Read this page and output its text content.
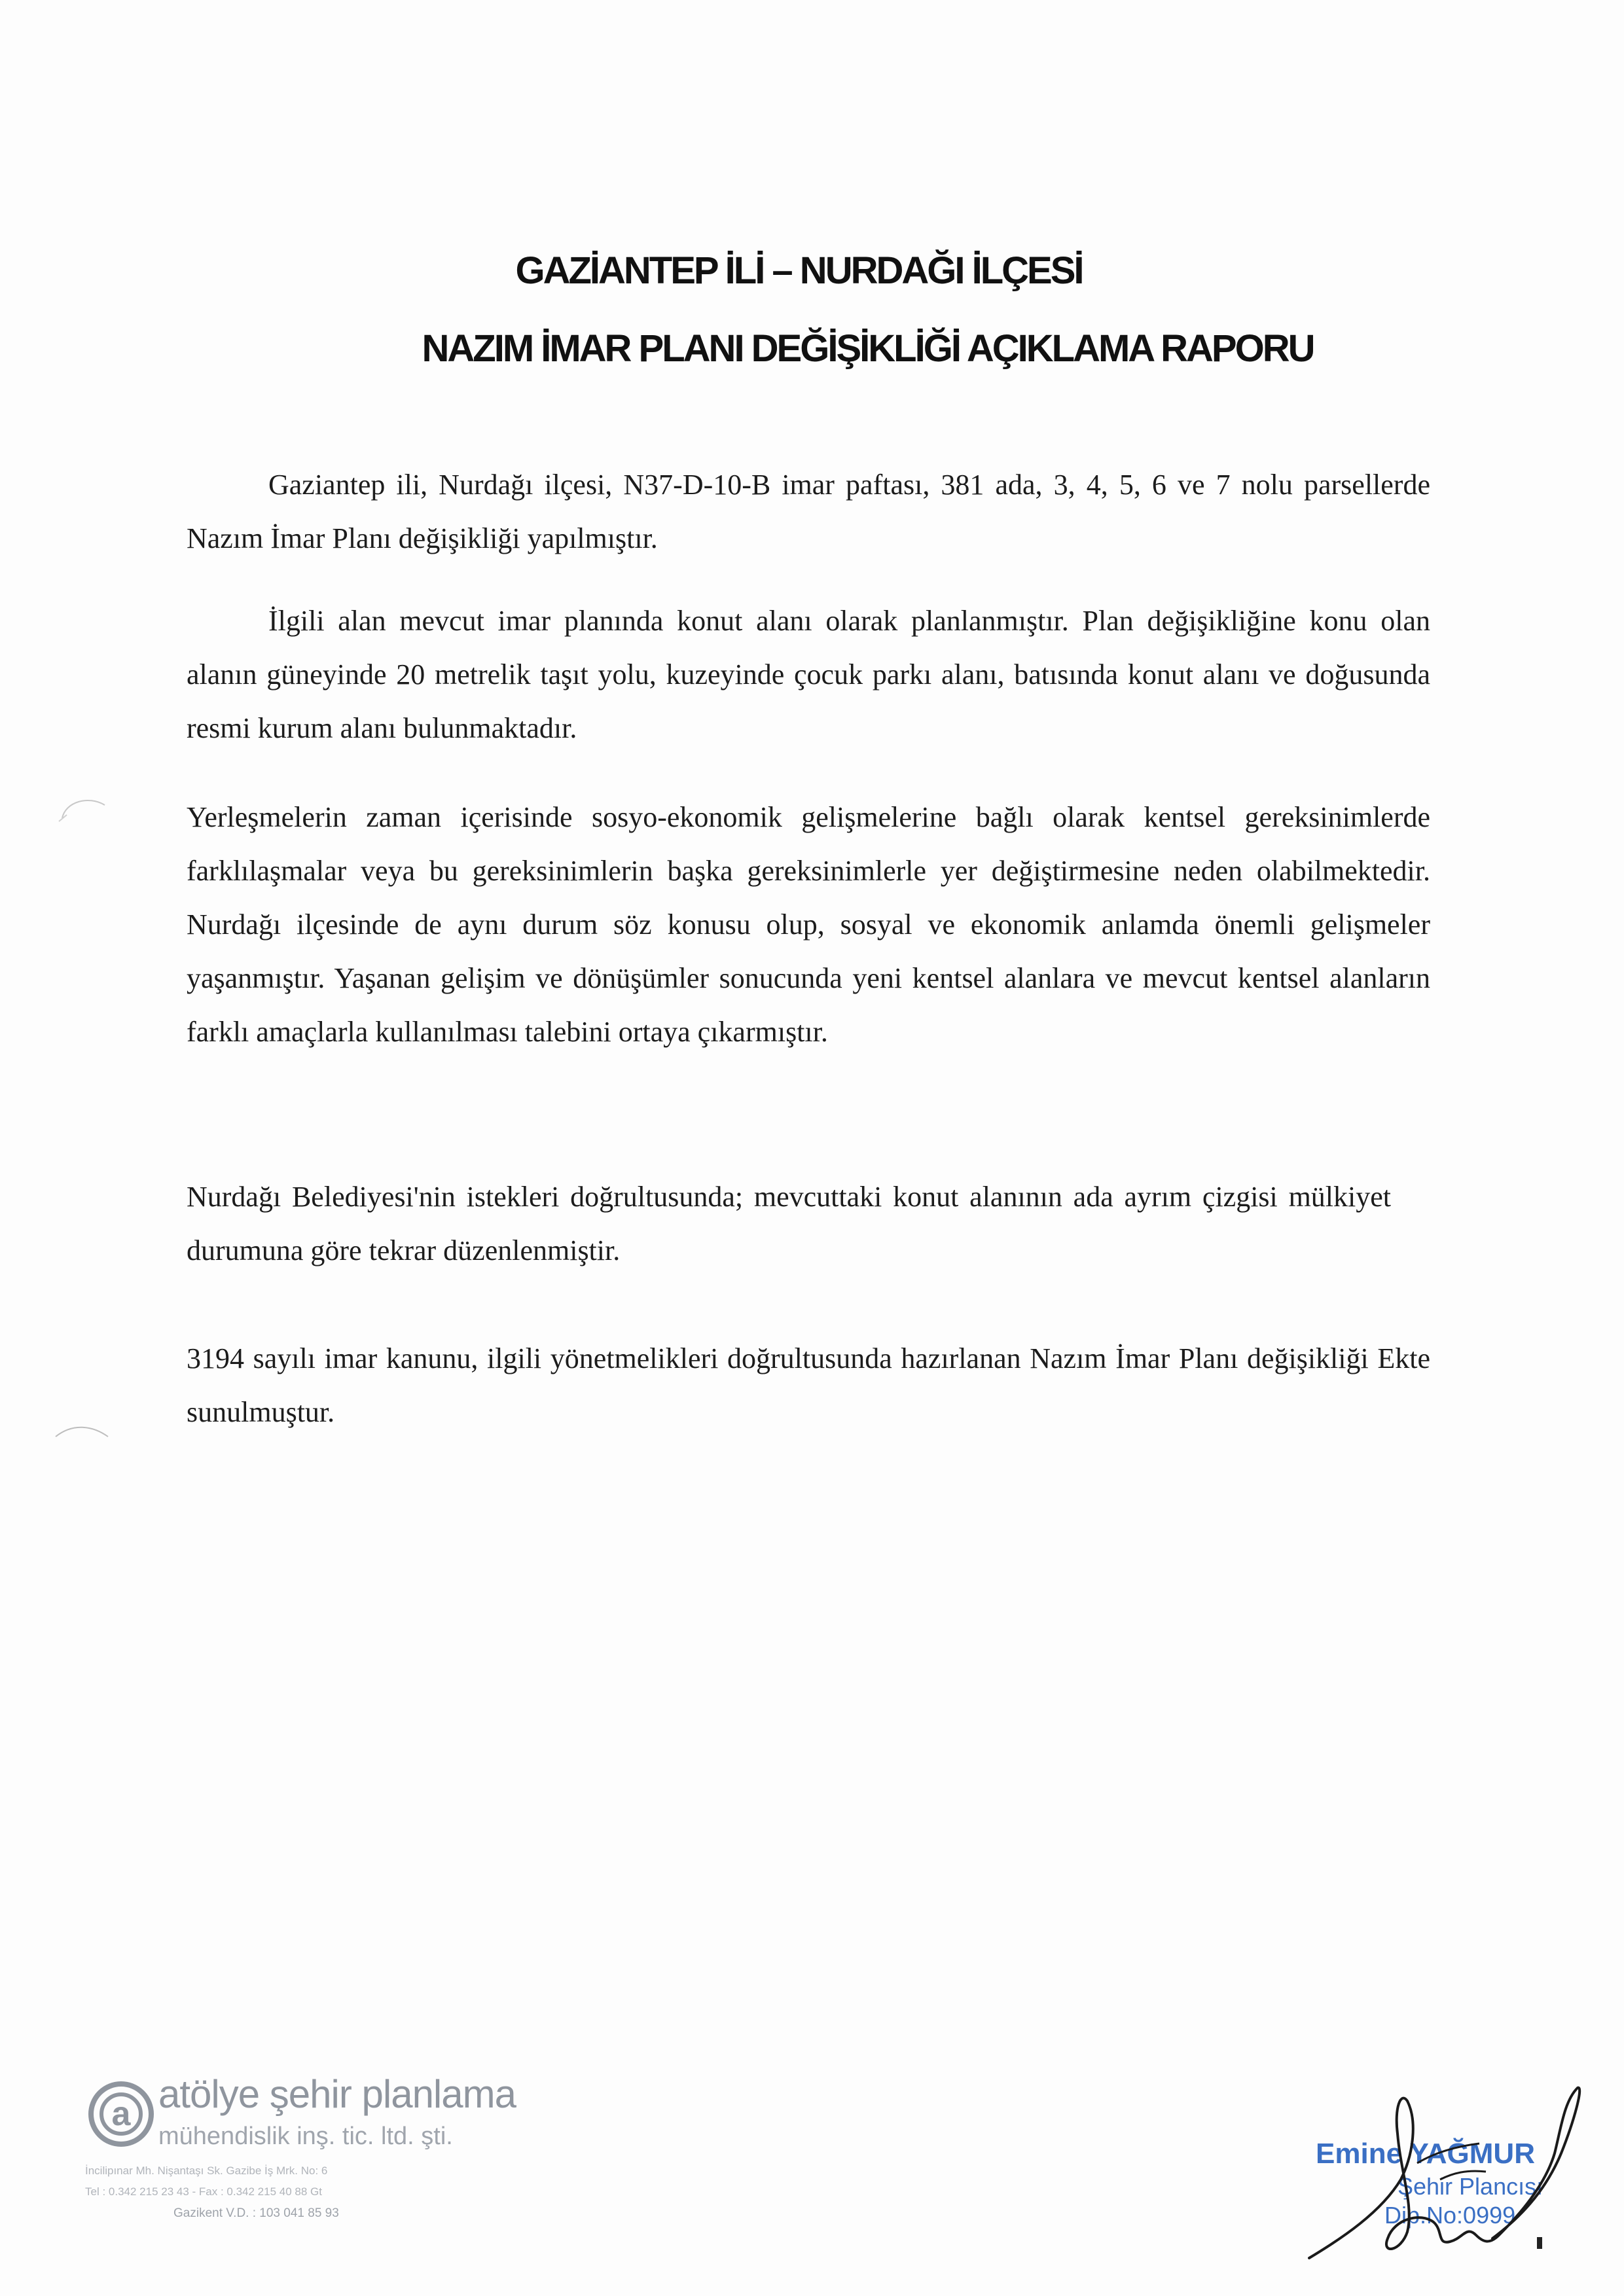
GAZİANTEP İLİ – NURDAĞI İLÇESİ
NAZIM İMAR PLANI DEĞİŞİKLİĞİ AÇIKLAMA RAPORU
Gaziantep ili, Nurdağı ilçesi, N37-D-10-B imar paftası, 381 ada, 3, 4, 5, 6 ve 7 nolu parsellerde Nazım İmar Planı değişikliği yapılmıştır.
İlgili alan mevcut imar planında konut alanı olarak planlanmıştır. Plan değişikliğine konu olan alanın güneyinde 20 metrelik taşıt yolu, kuzeyinde çocuk parkı alanı, batısında konut alanı ve doğusunda resmi kurum alanı bulunmaktadır.
Yerleşmelerin zaman içerisinde sosyo-ekonomik gelişmelerine bağlı olarak kentsel gereksinimlerde farklılaşmalar veya bu gereksinimlerin başka gereksinimlerle yer değiştirmesine neden olabilmektedir. Nurdağı ilçesinde de aynı durum söz konusu olup, sosyal ve ekonomik anlamda önemli gelişmeler yaşanmıştır. Yaşanan gelişim ve dönüşümler sonucunda yeni kentsel alanlara ve mevcut kentsel alanların farklı amaçlarla kullanılması talebini ortaya çıkarmıştır.
Nurdağı Belediyesi'nin istekleri doğrultusunda; mevcuttaki konut alanının ada ayrım çizgisi mülkiyet durumuna göre tekrar düzenlenmiştir.
3194 sayılı imar kanunu, ilgili yönetmelikleri doğrultusunda hazırlanan Nazım İmar Planı değişikliği Ekte sunulmuştur.
a atölye şehir planlama
mühendislik inş. tic. ltd. şti.
İncilipınar Mh. Nişantaşı Sk. Gazibe İş Mrk. No: 6
Tel : 0.342 215 23 43 - Fax : 0.342 215 40 88 Gt
Gazikent V.D. : 103 041 85 93
Emine YAĞMUR
Şehir Plancısı
Dip.No:0999
